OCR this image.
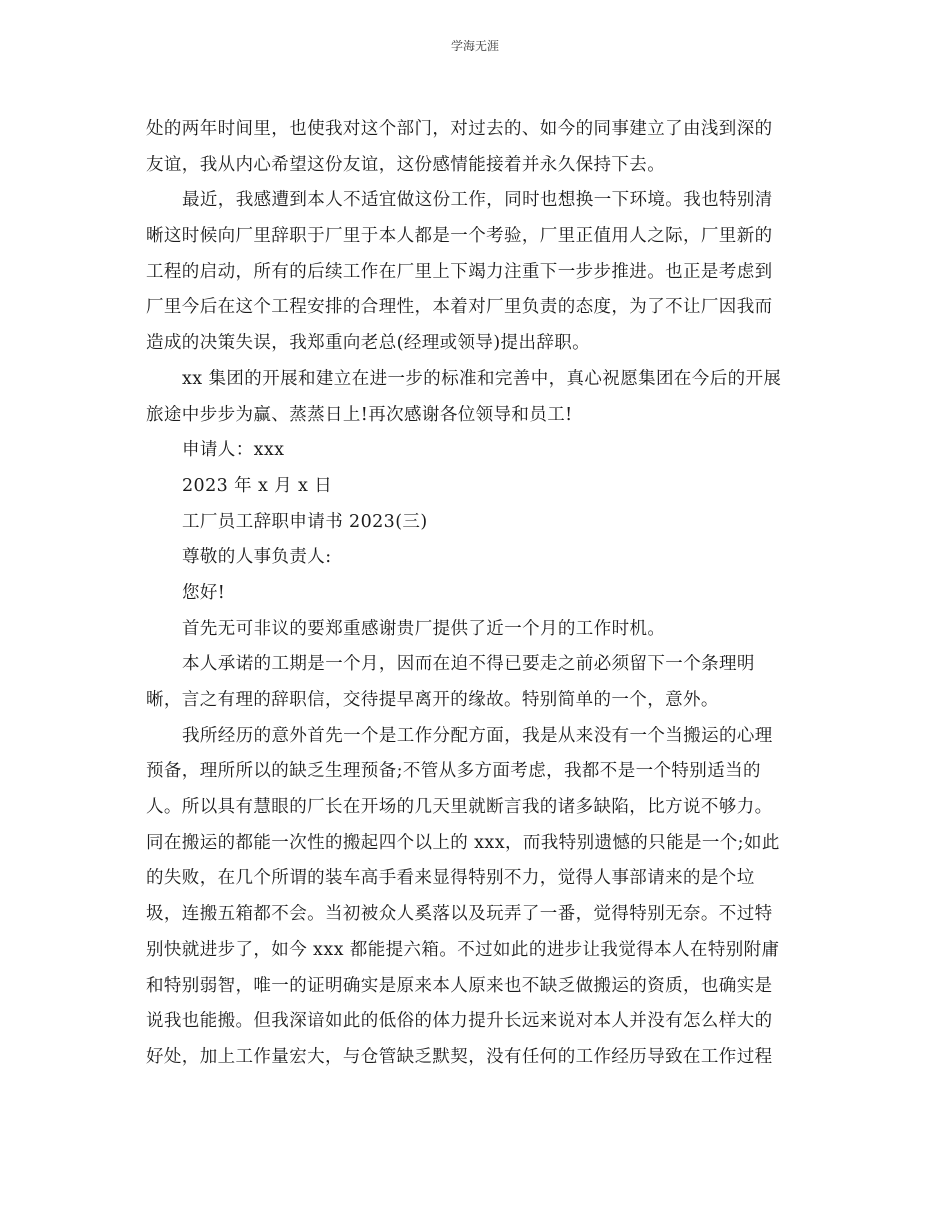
学海无涯
处的两年时间里，也使我对这个部门，对过去的、如今的同事建立了由浅到深的
友谊，我从内心希望这份友谊，这份感情能接着并永久保持下去。
最近，我感遭到本人不适宜做这份工作，同时也想换一下环境。我也特别清
晰这时候向厂里辞职于厂里于本人都是一个考验，厂里正值用人之际，厂里新的
工程的启动，所有的后续工作在厂里上下竭力注重下一步步推进。也正是考虑到
厂里今后在这个工程安排的合理性，本着对厂里负责的态度，为了不让厂因我而
造成的决策失误，我郑重向老总(经理或领导)提出辞职。
xx 集团的开展和建立在进一步的标准和完善中，真心祝愿集团在今后的开展
旅途中步步为赢、蒸蒸日上!再次感谢各位领导和员工!
申请人：xxx
2023 年 x 月 x 日
工厂员工辞职申请书 2023(三)
尊敬的人事负责人:
您好!
首先无可非议的要郑重感谢贵厂提供了近一个月的工作时机。
本人承诺的工期是一个月，因而在迫不得已要走之前必须留下一个条理明
晰，言之有理的辞职信，交待提早离开的缘故。特别简单的一个，意外。
我所经历的意外首先一个是工作分配方面，我是从来没有一个当搬运的心理
预备，理所所以的缺乏生理预备;不管从多方面考虑，我都不是一个特别适当的
人。所以具有慧眼的厂长在开场的几天里就断言我的诸多缺陷，比方说不够力。
同在搬运的都能一次性的搬起四个以上的 xxx，而我特别遗憾的只能是一个;如此
的失败，在几个所谓的装车高手看来显得特别不力，觉得人事部请来的是个垃
圾，连搬五箱都不会。当初被众人奚落以及玩弄了一番，觉得特别无奈。不过特
别快就进步了，如今 xxx 都能提六箱。不过如此的进步让我觉得本人在特别附庸
和特别弱智，唯一的证明确实是原来本人原来也不缺乏做搬运的资质，也确实是
说我也能搬。但我深谙如此的低俗的体力提升长远来说对本人并没有怎么样大的
好处，加上工作量宏大，与仓管缺乏默契，没有任何的工作经历导致在工作过程
